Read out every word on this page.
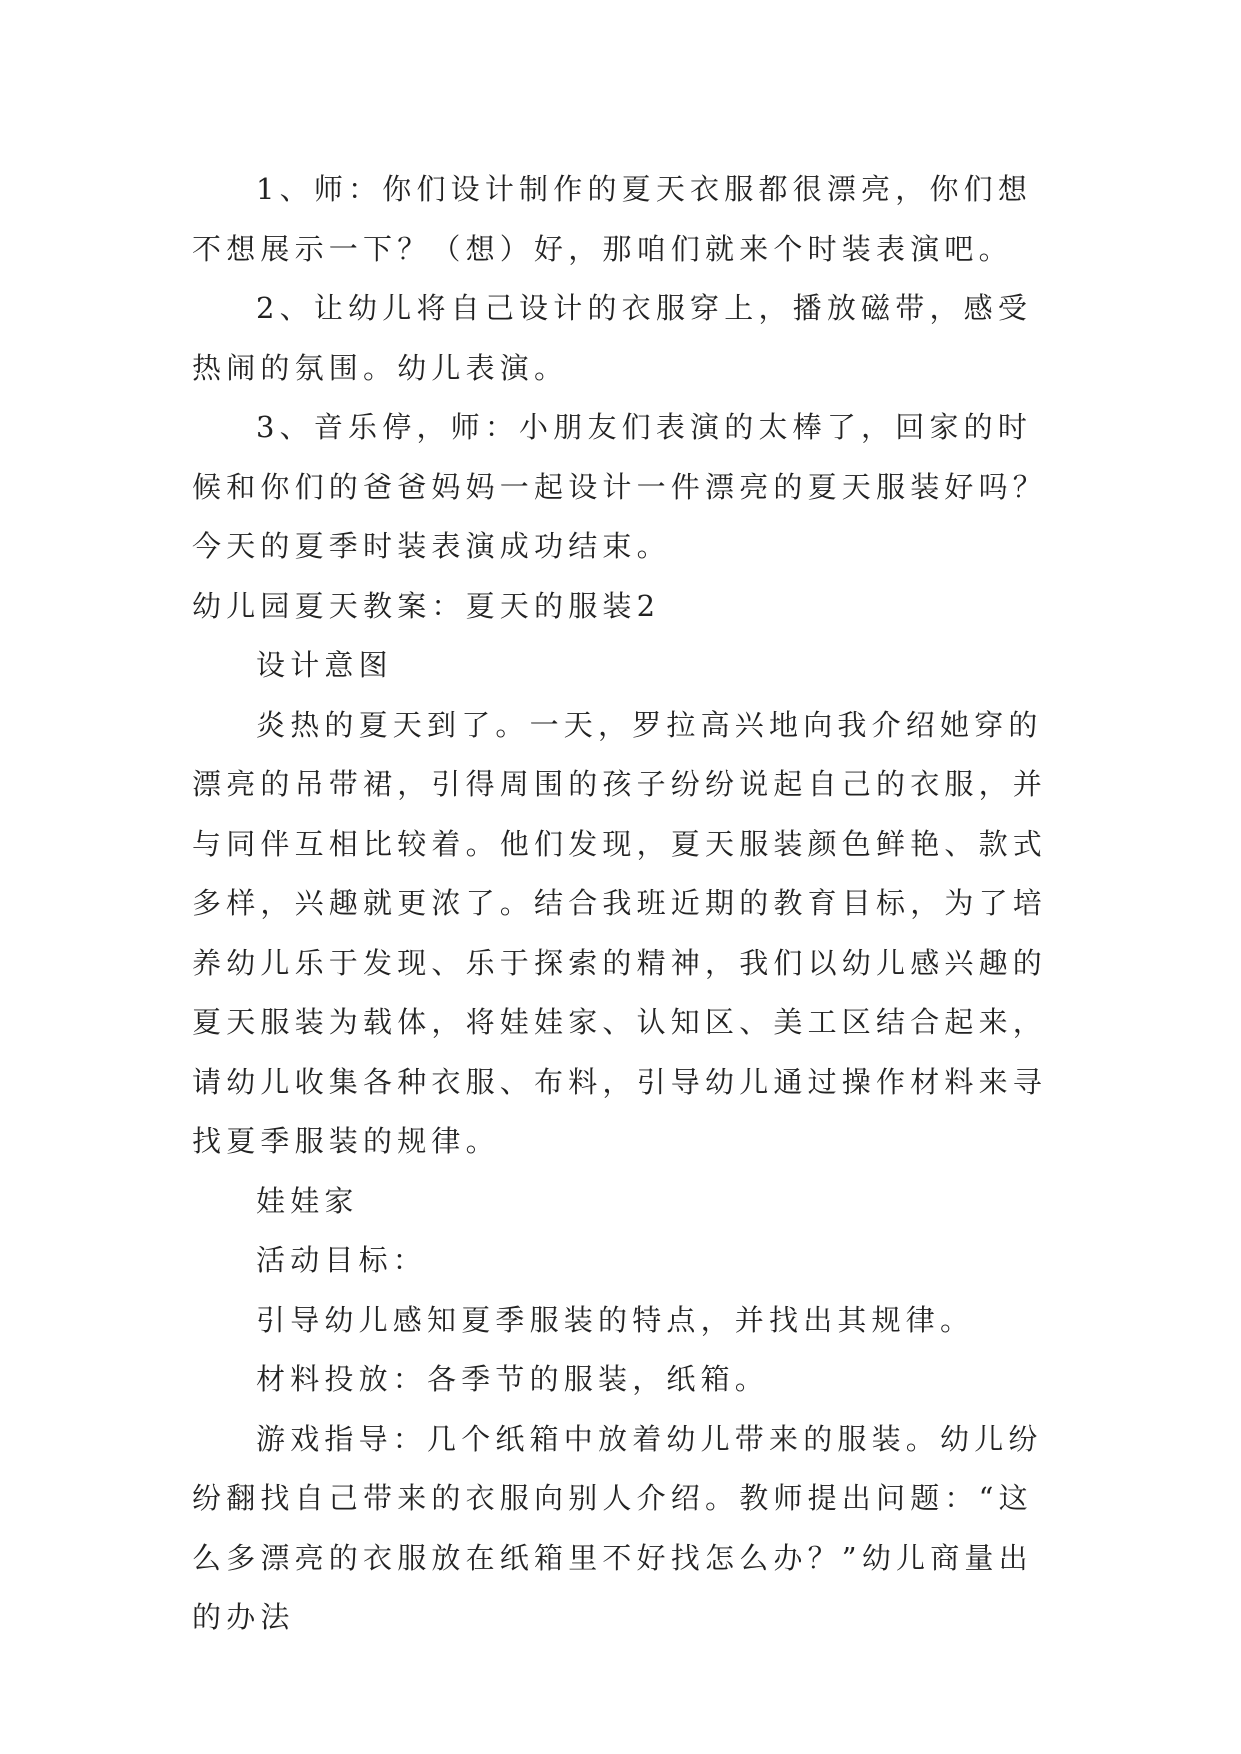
1、师：你们设计制作的夏天衣服都很漂亮，你们想不想展示一下？（想）好，那咱们就来个时装表演吧。

2、让幼儿将自己设计的衣服穿上，播放磁带，感受热闹的氛围。幼儿表演。

3、音乐停，师：小朋友们表演的太棒了，回家的时候和你们的爸爸妈妈一起设计一件漂亮的夏天服装好吗？今天的夏季时装表演成功结束。

幼儿园夏天教案：夏天的服装2

设计意图

炎热的夏天到了。一天，罗拉高兴地向我介绍她穿的漂亮的吊带裙，引得周围的孩子纷纷说起自己的衣服，并与同伴互相比较着。他们发现，夏天服装颜色鲜艳、款式多样，兴趣就更浓了。结合我班近期的教育目标，为了培养幼儿乐于发现、乐于探索的精神，我们以幼儿感兴趣的夏天服装为载体，将娃娃家、认知区、美工区结合起来，请幼儿收集各种衣服、布料，引导幼儿通过操作材料来寻找夏季服装的规律。

娃娃家

活动目标：

引导幼儿感知夏季服装的特点，并找出其规律。

材料投放：各季节的服装，纸箱。

游戏指导：几个纸箱中放着幼儿带来的服装。幼儿纷纷翻找自己带来的衣服向别人介绍。教师提出问题：“这么多漂亮的衣服放在纸箱里不好找怎么办？”幼儿商量出的办法
